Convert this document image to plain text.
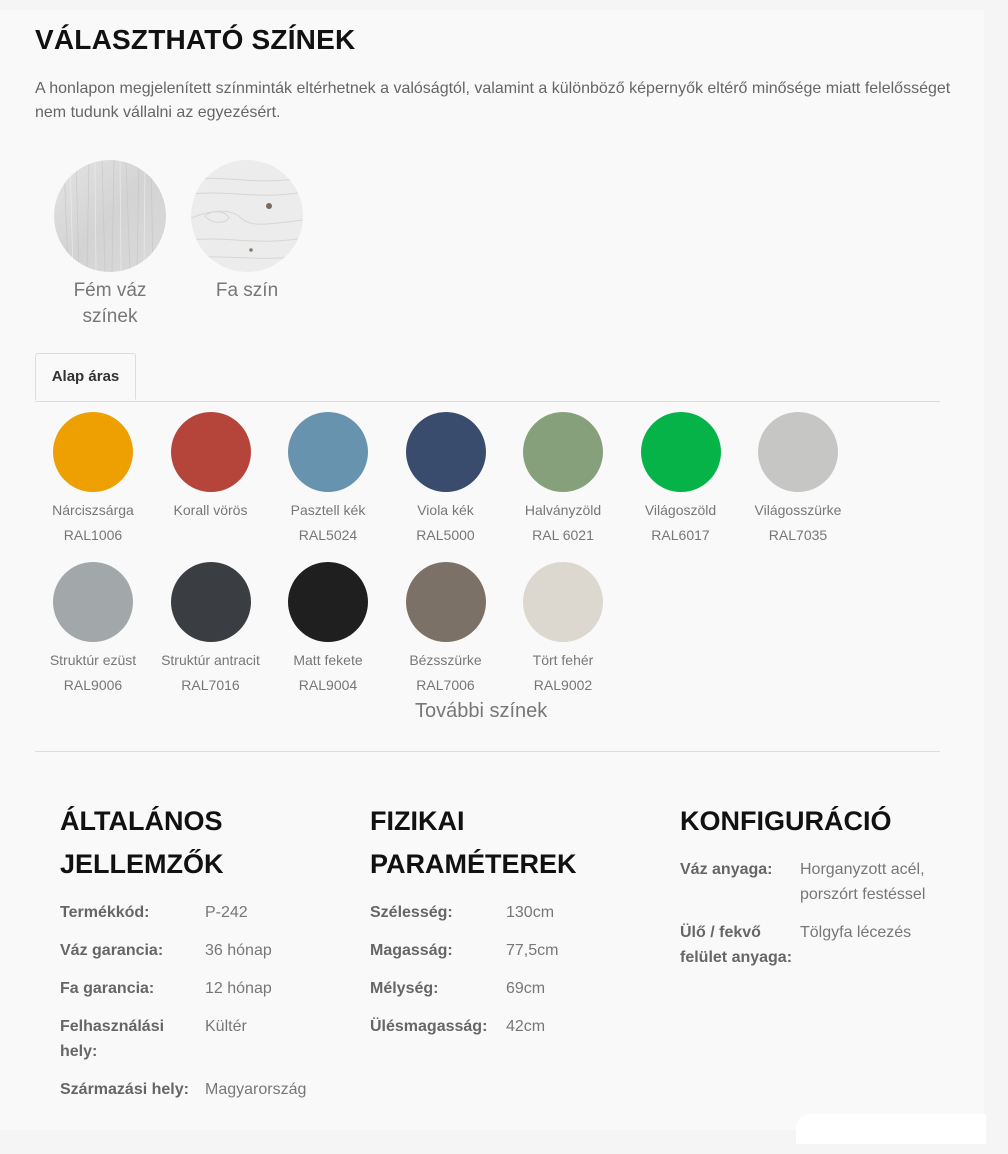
VÁLASZTHATÓ SZÍNEK

A honlapon megjelenített színminták eltérhetnek a valóságtól, valamint a különböző képernyők eltérő minősége miatt felelősséget nem tudunk vállalni az egyezésért.

Fém váz színek
Fa szín
Alap áras
Nárciszsárga
RAL1006
Korall vörös	Pasztell kék
RAL5024
Viola kék
RAL5000
Halványzöld
RAL 6021
Világoszöld
RAL6017
Világosszürke
RAL7035
Struktúr ezüst
RAL9006
Struktúr antracit
RAL7016
Matt fekete
RAL9004
Bézsszürke
RAL7006
Tört fehér
RAL9002
További színek
ÁLTALÁNOS JELLEMZŐK
Termékkód:	P-242
Váz garancia:	36 hónap
Fa garancia:	12 hónap
Felhasználási hely:
Kültér
Származási hely:	Magyarország
FIZIKAI PARAMÉTEREK
Szélesség:	130cm
Magasság:	77,5cm
Mélység:	69cm
Ülésmagasság:	42cm
KONFIGURÁCIÓ
Váz anyaga:	Horganyzott acél, porszórt festéssel
Ülő / fekvő felület anyaga:
Tölgyfa lécezés
